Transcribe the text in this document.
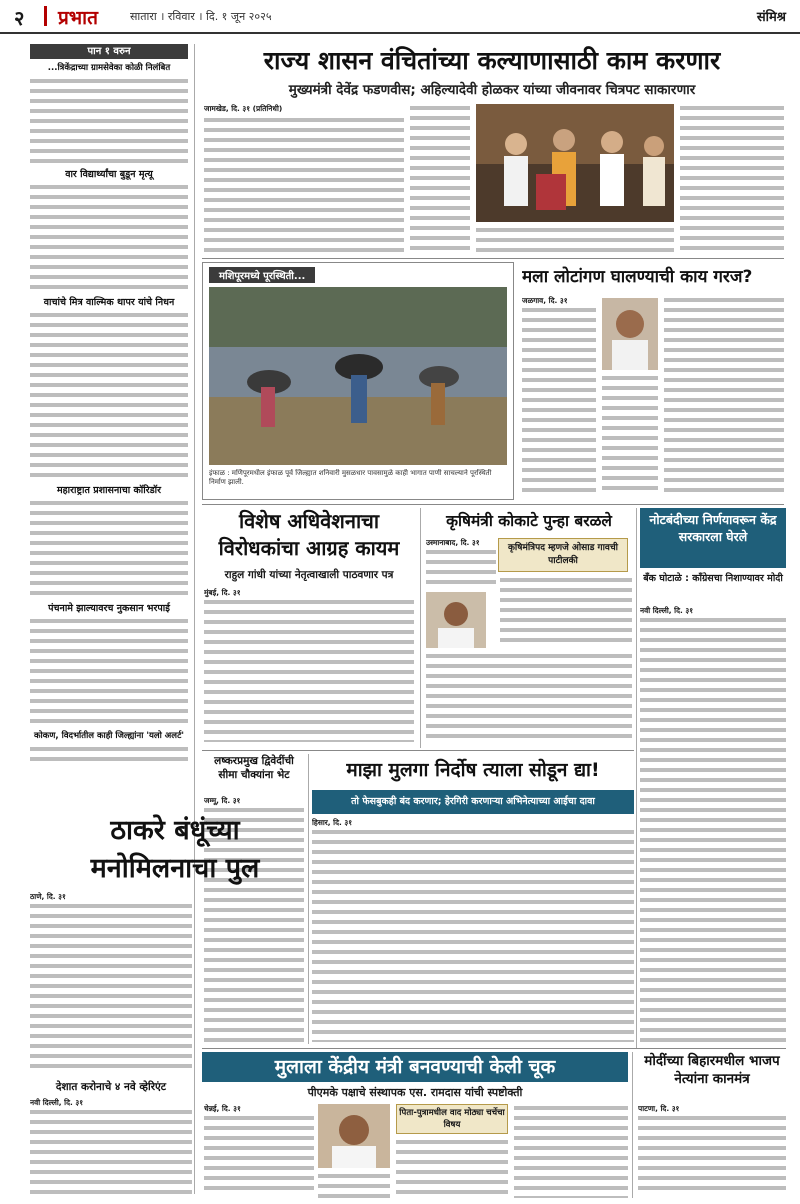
२ प्रभात	सातारा । रविवार । दि. १ जून २०२५	संमिश्र
पान १ वरुन
...त्रिकेंद्राच्या ग्रामसेवेका कोळी निलंबित
वार विद्यार्थ्यांचा बुडून मृत्यू
वाचांचे मित्र वाल्मिक थापर यांचे निधन
महाराष्ट्रात प्रशासनाचा कॉरिडॉर
पंचनामे झाल्यावरच नुकसान भरपाई
कोकण, विदर्भातील काही जिल्ह्यांना 'यलो अलर्ट'
राज्य शासन वंचितांच्या कल्याणासाठी काम करणार
मुख्यमंत्री देवेंद्र फडणवीस; अहिल्यादेवी होळकर यांच्या जीवनावर चित्रपट साकारणार
जामखेड, दि. ३१ (प्रतिनिधी)
मशिपूरमध्ये पूरस्थिती...
इंफाळ : मणिपूरमधील इंफाळ पूर्व जिल्ह्यात शनिवारी मुसळधार पावसामुळे काही भागात पाणी साचल्याने पूरस्थिती निर्माण झाली.
मला लोटांगण घालण्याची काय गरज?
जळगाव, दि. ३१
विशेष अधिवेशनाचा विरोधकांचा आग्रह कायम
राहुल गांधी यांच्या नेतृत्वाखाली पाठवणार पत्र
मुंबई, दि. ३१
कृषिमंत्री कोकाटे पुन्हा बरळले
उस्मानाबाद, दि. ३१
कृषिमंत्रिपद म्हणजे ओसाड गावची पाटीलकी
नोटबंदीच्या निर्णयावरून केंद्र सरकारला घेरले
बँक घोटाळे : काँग्रेसचा निशाण्यावर मोदी
नवी दिल्ली, दि. ३१
लष्करप्रमुख द्विवेदींची सीमा चौक्यांना भेट
जम्मू, दि. ३१
माझा मुलगा निर्दोष त्याला सोडून द्या!
तो फेसबुकही बंद करणार; हेरगिरी करणाऱ्या अभिनेत्याच्या आईचा दावा
हिसार, दि. ३१
ठाकरे बंधूंच्या मनोमिलनाचा पुल
ठाणे, दि. ३१
देशात करोनाचे ४ नवे व्हेरिएंट
नवी दिल्ली, दि. ३१
मुलाला केंद्रीय मंत्री बनवण्याची केली चूक
पीएमके पक्षाचे संस्थापक एस. रामदास यांची स्पष्टोक्ती
चेन्नई, दि. ३१	पिता-पुत्रामधील वाद मोठ्या चर्चेचा विषय
मोदींच्या बिहारमधील भाजप नेत्यांना कानमंत्र
पाटणा, दि. ३१
